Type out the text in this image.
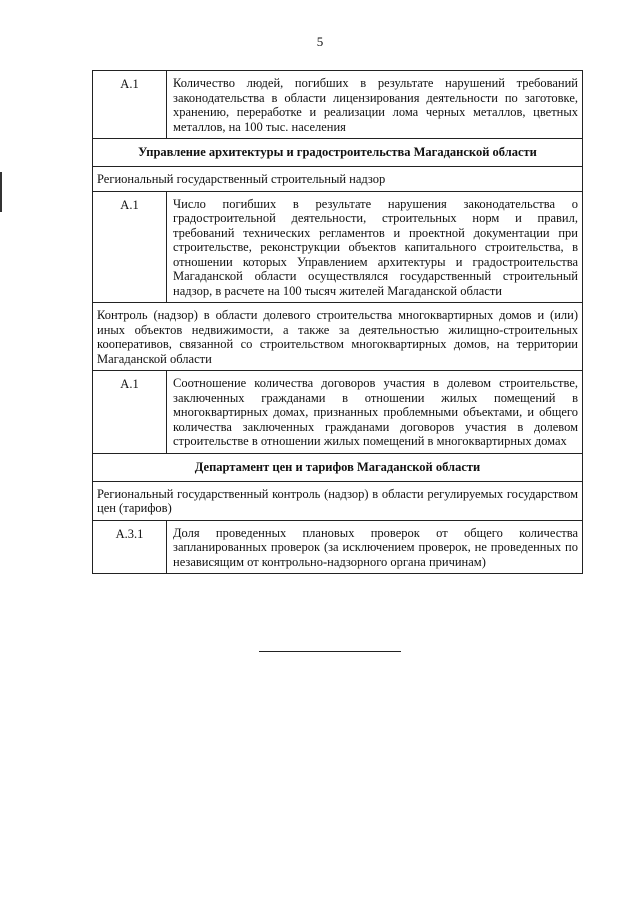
5
А.1	Количество людей, погибших в результате нарушений требований законодательства в области лицензирования деятельности по заготовке, хранению, переработке и реализации лома черных металлов, цветных металлов, на 100 тыс. населения
Управление архитектуры и градостроительства Магаданской области
Региональный государственный строительный надзор
А.1	Число погибших в результате нарушения законодательства о градостроительной деятельности, строительных норм и правил, требований технических регламентов и проектной документации при строительстве, реконструкции объектов капитального строительства, в отношении которых Управлением архитектуры и градостроительства Магаданской области осуществлялся государственный строительный надзор, в расчете на 100 тысяч жителей Магаданской области
Контроль (надзор) в области долевого строительства многоквартирных домов и (или) иных объектов недвижимости, а также за деятельностью жилищно-строительных кооперативов, связанной со строительством многоквартирных домов, на территории Магаданской области
А.1	Соотношение количества договоров участия в долевом строительстве, заключенных гражданами в отношении жилых помещений в многоквартирных домах, признанных проблемными объектами, и общего количества заключенных гражданами договоров участия в долевом строительстве в отношении жилых помещений в многоквартирных домах
Департамент цен и тарифов Магаданской области
Региональный государственный контроль (надзор) в области регулируемых государством цен (тарифов)
А.3.1	Доля проведенных плановых проверок от общего количества запланированных проверок (за исключением проверок, не проведенных по независящим от контрольно-надзорного органа причинам)
